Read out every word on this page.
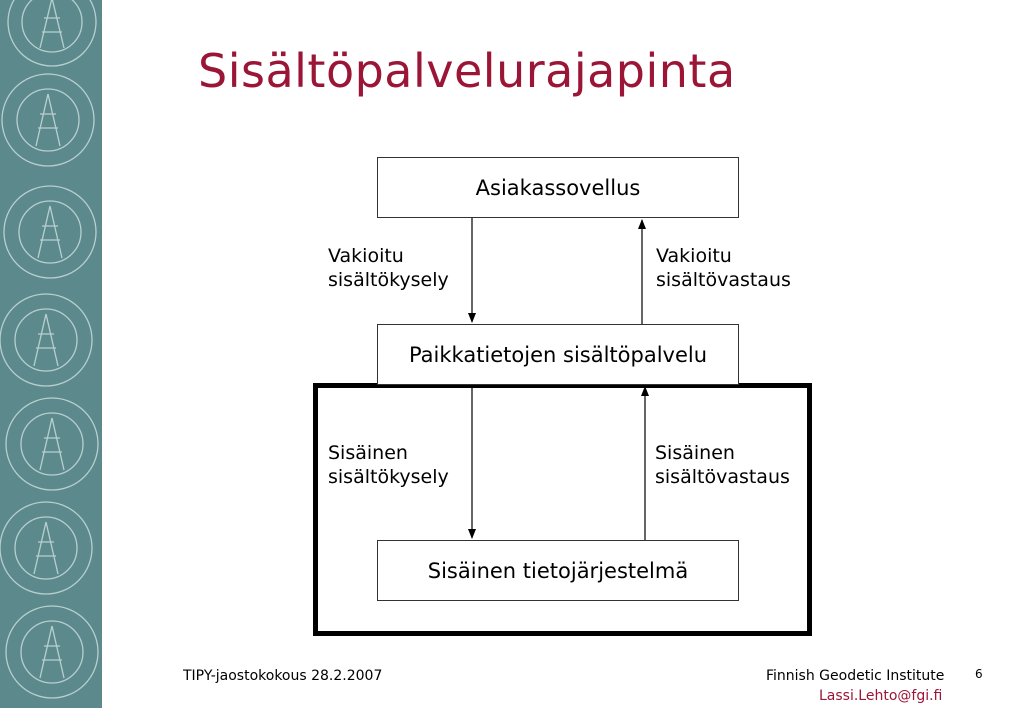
Sisältöpalvelurajapinta
Asiakassovellus
Paikkatietojen sisältöpalvelu
Sisäinen tietojärjestelmä
Vakioitu
sisältökysely
Vakioitu
sisältövastaus
Sisäinen
sisältökysely
Sisäinen
sisältövastaus
TIPY-jaostokokous 28.2.2007	Finnish Geodetic Institute
Lassi.Lehto@fgi.fi
6
